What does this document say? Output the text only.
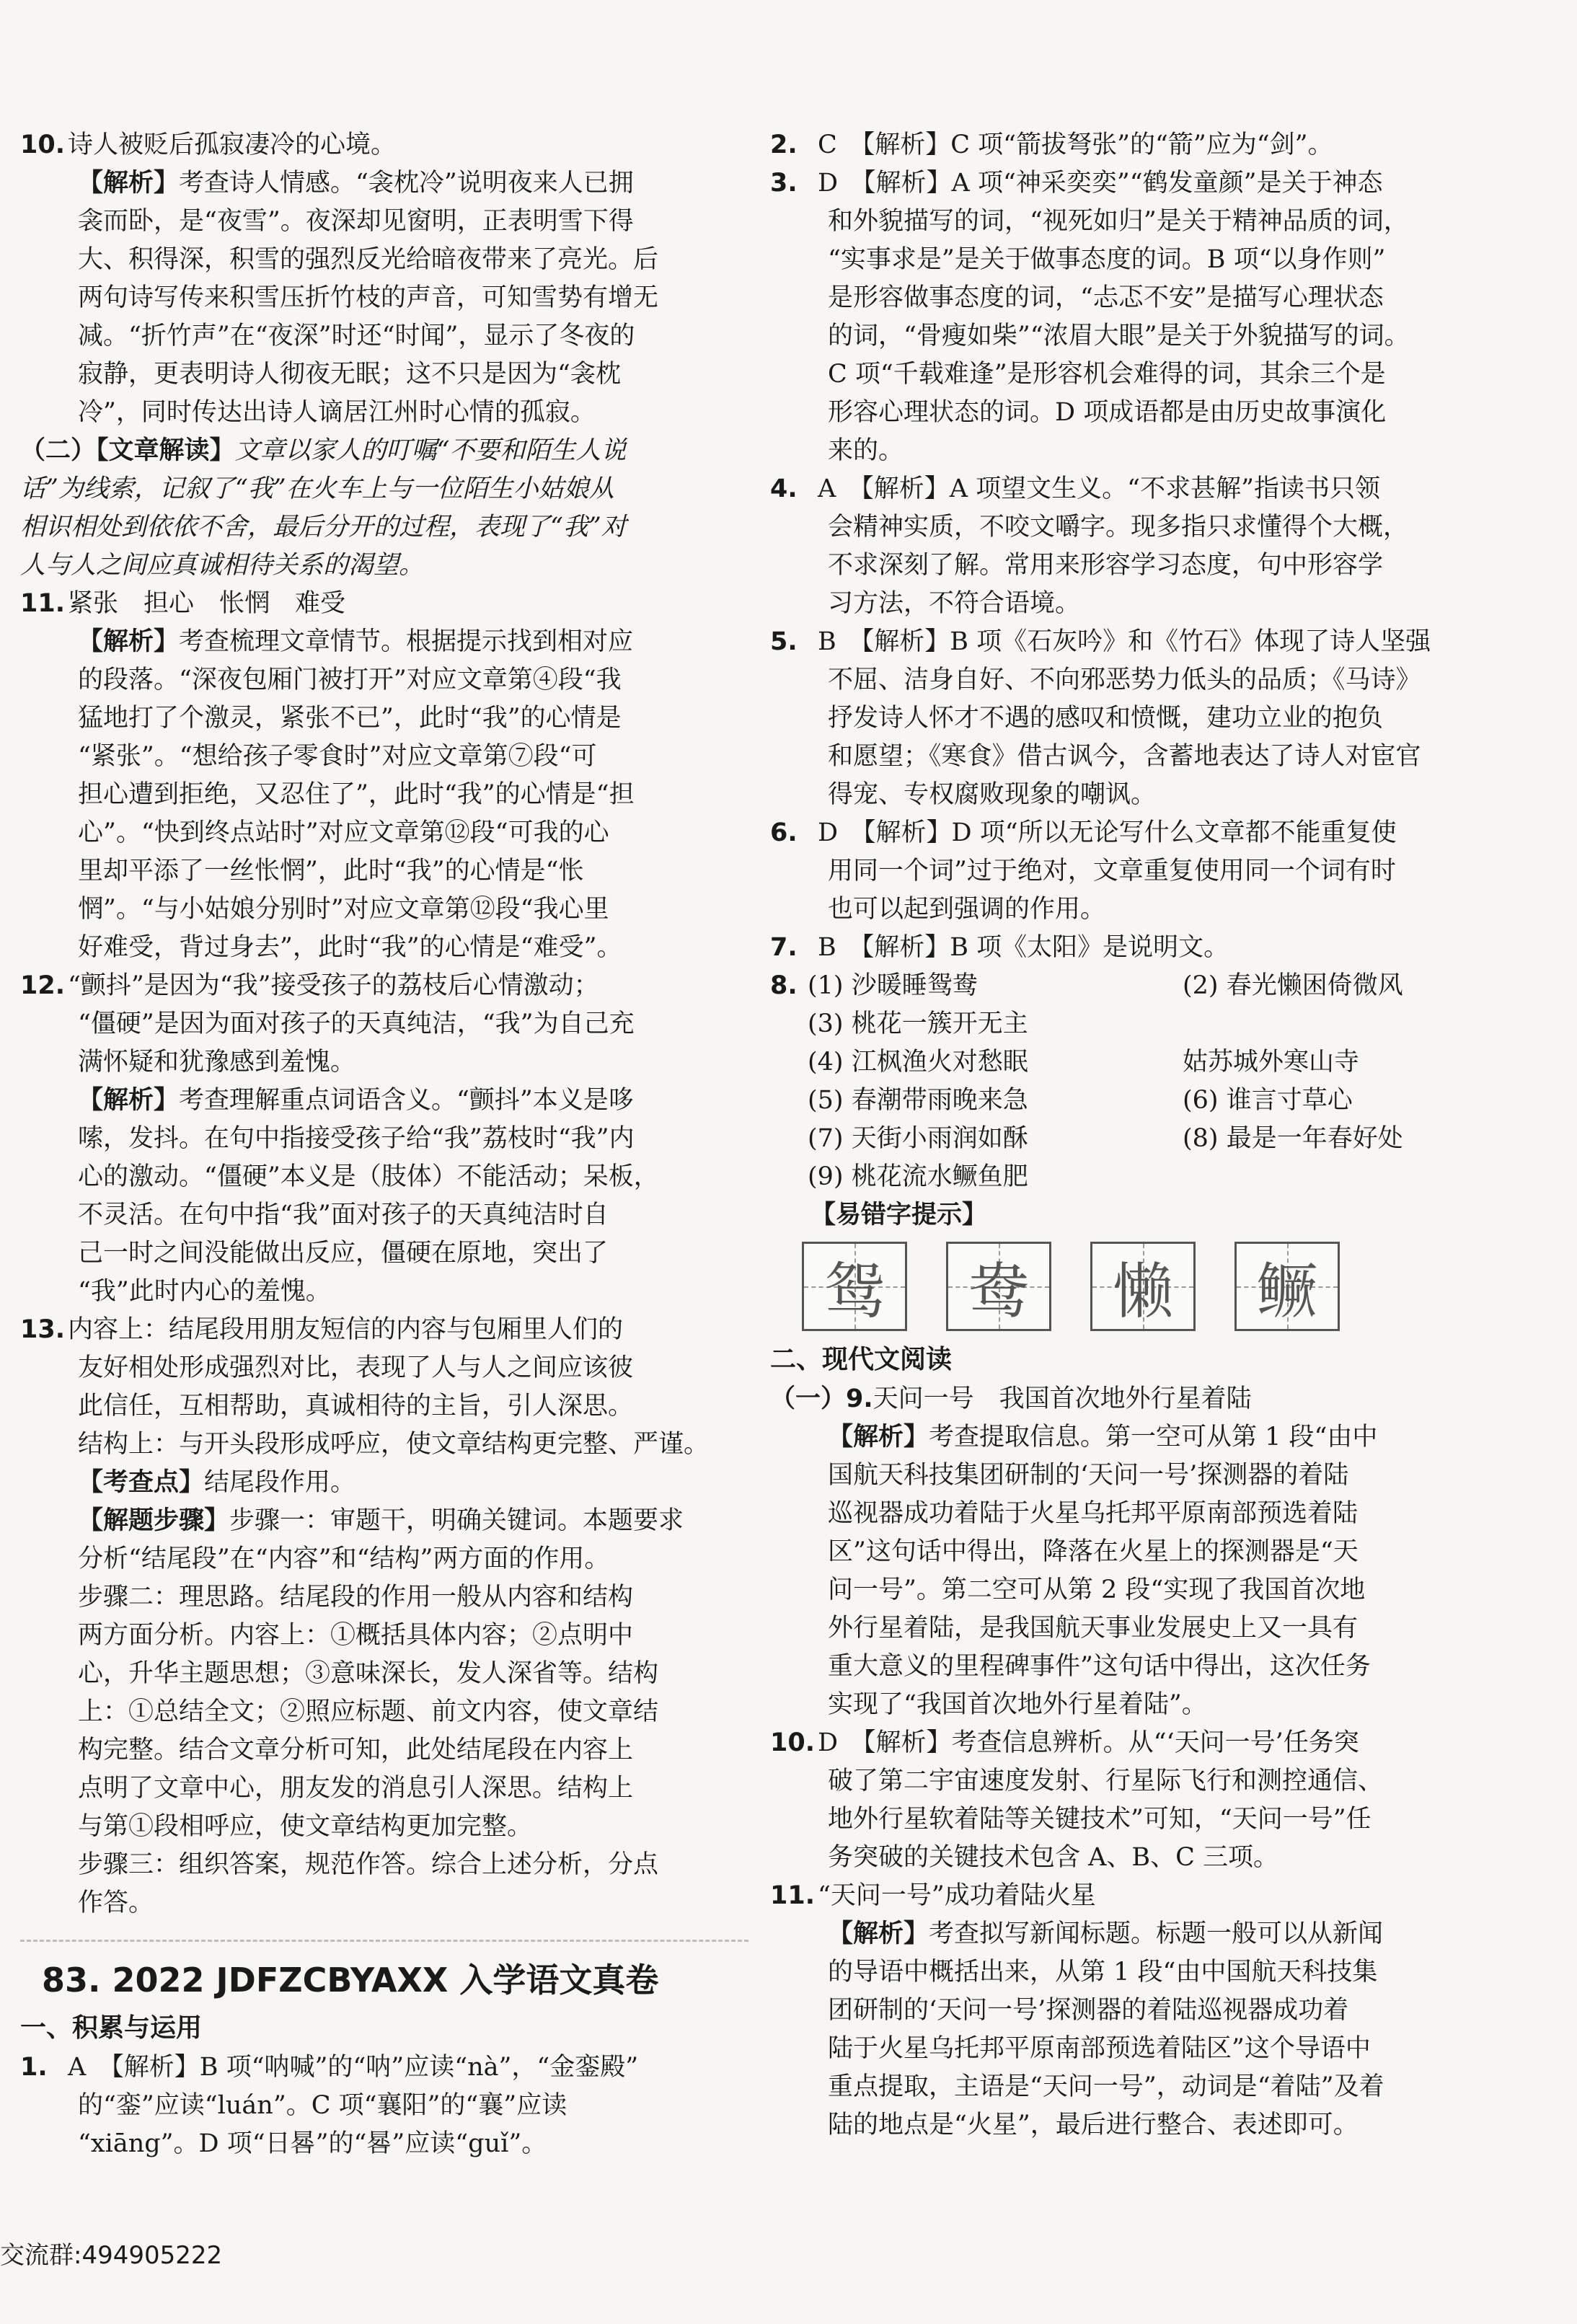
10. 诗人被贬后孤寂凄冷的心境。

【解析】考查诗人情感。“衾枕冷”说明夜来人已拥

衾而卧，是“夜雪”。夜深却见窗明，正表明雪下得

大、积得深，积雪的强烈反光给暗夜带来了亮光。后

两句诗写传来积雪压折竹枝的声音，可知雪势有增无

减。“折竹声”在“夜深”时还“时闻”，显示了冬夜的

寂静，更表明诗人彻夜无眠；这不只是因为“衾枕

冷”，同时传达出诗人谪居江州时心情的孤寂。

（二）【文章解读】文章以家人的叮嘱“不要和陌生人说

话”为线索，记叙了“我”在火车上与一位陌生小姑娘从

相识相处到依依不舍，最后分开的过程，表现了“我”对

人与人之间应真诚相待关系的渴望。

11. 紧张　担心　怅惘　难受

【解析】考查梳理文章情节。根据提示找到相对应

的段落。“深夜包厢门被打开”对应文章第④段“我

猛地打了个激灵，紧张不已”，此时“我”的心情是

“紧张”。“想给孩子零食时”对应文章第⑦段“可

担心遭到拒绝，又忍住了”，此时“我”的心情是“担

心”。“快到终点站时”对应文章第⑫段“可我的心

里却平添了一丝怅惘”，此时“我”的心情是“怅

惘”。“与小姑娘分别时”对应文章第⑫段“我心里

好难受，背过身去”，此时“我”的心情是“难受”。

12. “颤抖”是因为“我”接受孩子的荔枝后心情激动；

“僵硬”是因为面对孩子的天真纯洁，“我”为自己充

满怀疑和犹豫感到羞愧。

【解析】考查理解重点词语含义。“颤抖”本义是哆

嗦，发抖。在句中指接受孩子给“我”荔枝时“我”内

心的激动。“僵硬”本义是（肢体）不能活动；呆板，

不灵活。在句中指“我”面对孩子的天真纯洁时自

己一时之间没能做出反应，僵硬在原地，突出了

“我”此时内心的羞愧。

13. 内容上：结尾段用朋友短信的内容与包厢里人们的

友好相处形成强烈对比，表现了人与人之间应该彼

此信任，互相帮助，真诚相待的主旨，引人深思。

结构上：与开头段形成呼应，使文章结构更完整、严谨。

【考查点】结尾段作用。

【解题步骤】步骤一：审题干，明确关键词。本题要求

分析“结尾段”在“内容”和“结构”两方面的作用。

步骤二：理思路。结尾段的作用一般从内容和结构

两方面分析。内容上：①概括具体内容；②点明中

心，升华主题思想；③意味深长，发人深省等。结构

上：①总结全文；②照应标题、前文内容，使文章结

构完整。结合文章分析可知，此处结尾段在内容上

点明了文章中心，朋友发的消息引人深思。结构上

与第①段相呼应，使文章结构更加完整。

步骤三：组织答案，规范作答。综合上述分析，分点

作答。

83. 2022 JDFZCBYAXX 入学语文真卷

一、积累与运用

1. A　【解析】B 项“呐喊”的“呐”应读“nà”，“金銮殿”

的“銮”应读“luán”。C 项“襄阳”的“襄”应读

“xiāng”。D 项“日晷”的“晷”应读“guǐ”。

2. C　【解析】C 项“箭拔弩张”的“箭”应为“剑”。

3. D　【解析】A 项“神采奕奕”“鹤发童颜”是关于神态

和外貌描写的词，“视死如归”是关于精神品质的词，

“实事求是”是关于做事态度的词。B 项“以身作则”

是形容做事态度的词，“忐忑不安”是描写心理状态

的词，“骨瘦如柴”“浓眉大眼”是关于外貌描写的词。

C 项“千载难逢”是形容机会难得的词，其余三个是

形容心理状态的词。D 项成语都是由历史故事演化

来的。

4. A　【解析】A 项望文生义。“不求甚解”指读书只领

会精神实质，不咬文嚼字。现多指只求懂得个大概，

不求深刻了解。常用来形容学习态度，句中形容学

习方法，不符合语境。

5. B　【解析】B 项《石灰吟》和《竹石》体现了诗人坚强

不屈、洁身自好、不向邪恶势力低头的品质；《马诗》

抒发诗人怀才不遇的感叹和愤慨，建功立业的抱负

和愿望；《寒食》借古讽今，含蓄地表达了诗人对宦官

得宠、专权腐败现象的嘲讽。

6. D　【解析】D 项“所以无论写什么文章都不能重复使

用同一个词”过于绝对，文章重复使用同一个词有时

也可以起到强调的作用。

7. B　【解析】B 项《太阳》是说明文。

8. (1) 沙暖睡鸳鸯	(2) 春光懒困倚微风
(3) 桃花一簇开无主
(4) 江枫渔火对愁眠	姑苏城外寒山寺
(5) 春潮带雨晚来急	(6) 谁言寸草心
(7) 天街小雨润如酥	(8) 最是一年春好处
(9) 桃花流水鳜鱼肥

【易错字提示】

鸳 鸯 懒 鳜

二、现代文阅读

（一）9.天问一号　我国首次地外行星着陆

【解析】考查提取信息。第一空可从第 1 段“由中

国航天科技集团研制的‘天问一号’探测器的着陆

巡视器成功着陆于火星乌托邦平原南部预选着陆

区”这句话中得出，降落在火星上的探测器是“天

问一号”。第二空可从第 2 段“实现了我国首次地

外行星着陆，是我国航天事业发展史上又一具有

重大意义的里程碑事件”这句话中得出，这次任务

实现了“我国首次地外行星着陆”。

10. D　【解析】考查信息辨析。从“‘天问一号’任务突

破了第二宇宙速度发射、行星际飞行和测控通信、

地外行星软着陆等关键技术”可知，“天问一号”任

务突破的关键技术包含 A、B、C 三项。

11. “天问一号”成功着陆火星

【解析】考查拟写新闻标题。标题一般可以从新闻

的导语中概括出来，从第 1 段“由中国航天科技集

团研制的‘天问一号’探测器的着陆巡视器成功着

陆于火星乌托邦平原南部预选着陆区”这个导语中

重点提取，主语是“天问一号”，动词是“着陆”及着

陆的地点是“火星”，最后进行整合、表述即可。

交流群:494905222
